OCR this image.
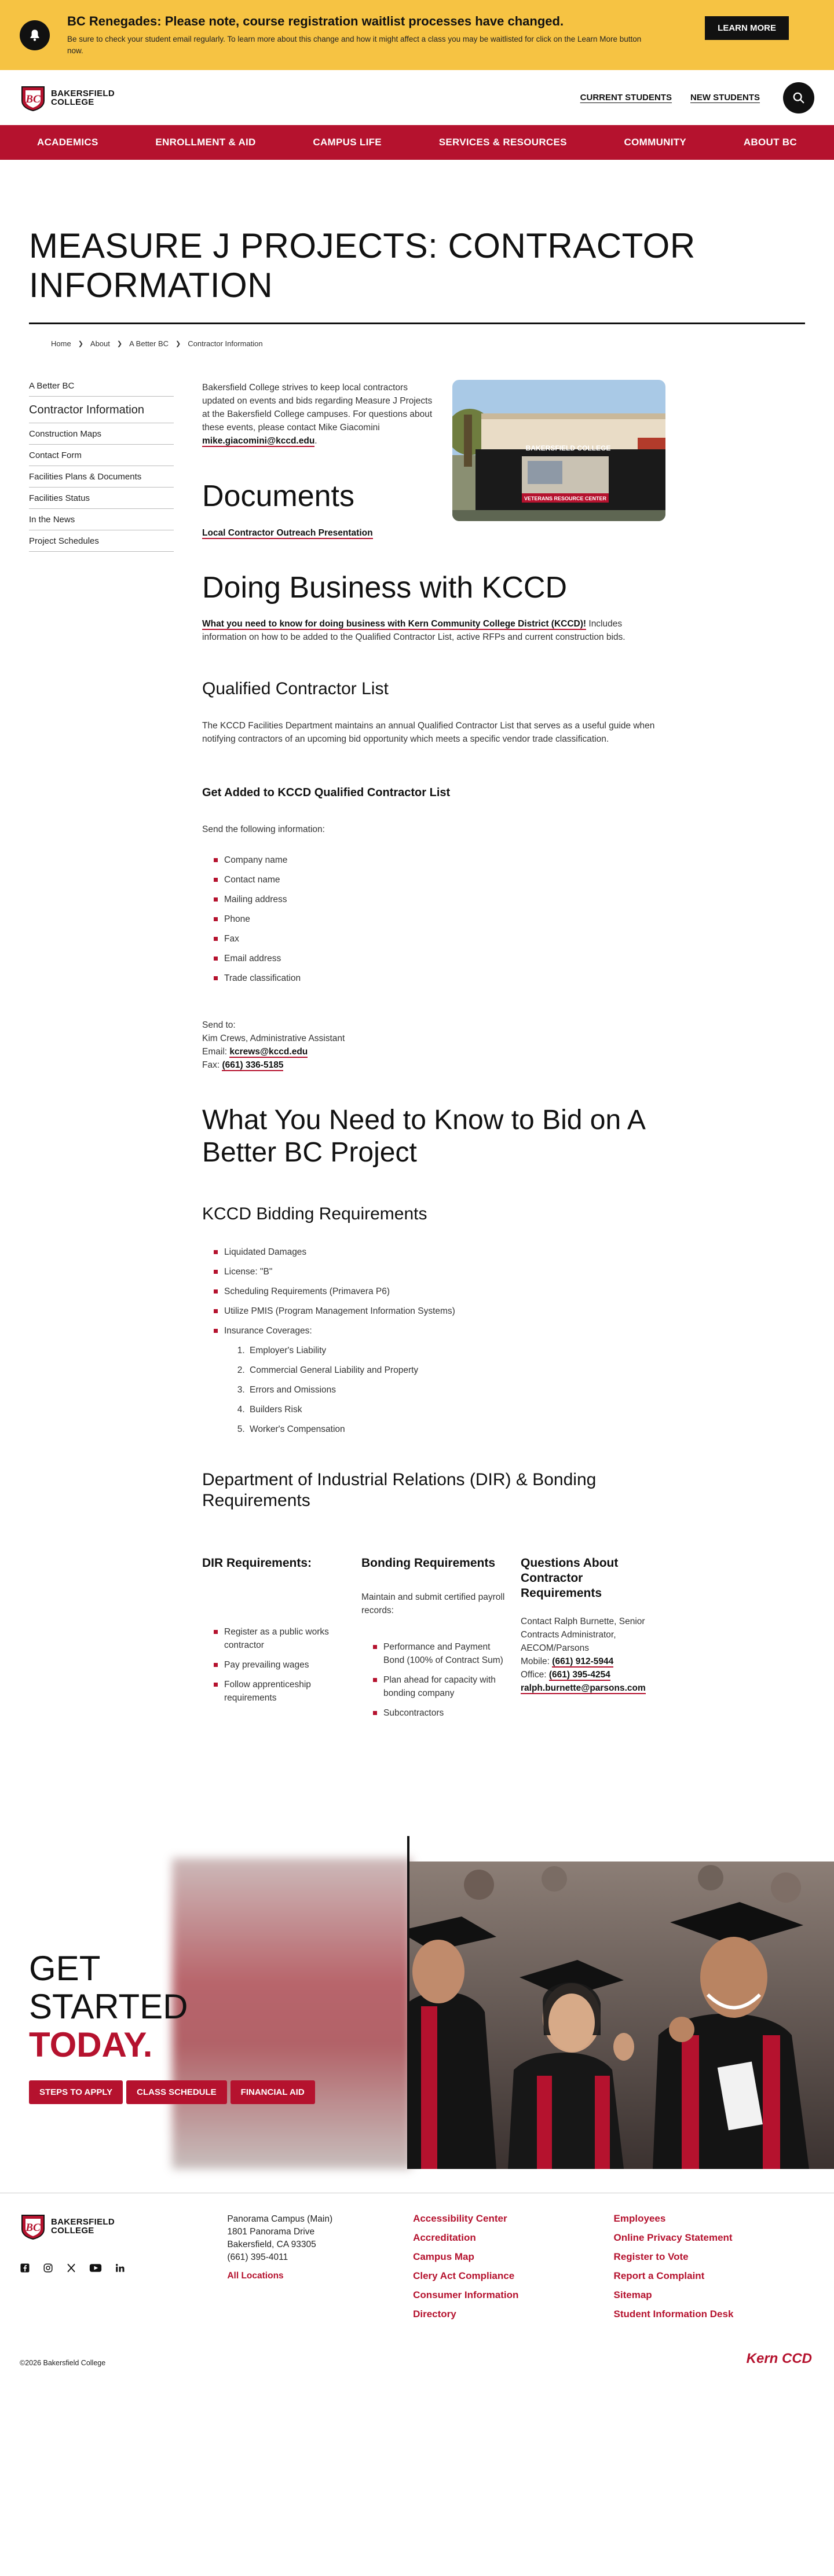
BC Renegades: Please note, course registration waitlist processes have changed.
Be sure to check your student email regularly. To learn more about this change and how it might affect a class you may be waitlisted for click on the Learn More button now.
LEARN MORE
BC BAKERSFIELD
COLLEGE	CURRENT STUDENTS NEW STUDENTS
ACADEMICS	ENROLLMENT & AID	CAMPUS LIFE	SERVICES & RESOURCES	COMMUNITY	ABOUT BC
MEASURE J PROJECTS: CONTRACTOR INFORMATION
Home ❯ About ❯ A Better BC ❯ Contractor Information
A Better BC
Contractor Information
Construction Maps
Contact Form
Facilities Plans & Documents
Facilities Status
In the News
Project Schedules

Bakersfield College strives to keep local contractors updated on events and bids regarding Measure J Projects at the Bakersfield College campuses. For questions about these events, please contact Mike Giacomini mike.giacomini@kccd.edu.

BAKERSFIELD COLLEGE
VETERANS RESOURCE CENTER
Documents

Local Contractor Outreach Presentation

Doing Business with KCCD

What you need to know for doing business with Kern Community College District (KCCD)! Includes information on how to be added to the Qualified Contractor List, active RFPs and current construction bids.

Qualified Contractor List

The KCCD Facilities Department maintains an annual Qualified Contractor List that serves as a useful guide when notifying contractors of an upcoming bid opportunity which meets a specific vendor trade classification.

Get Added to KCCD Qualified Contractor List

Send the following information:

Company name
Contact name
Mailing address
Phone
Fax
Email address
Trade classification
Send to:
Kim Crews, Administrative Assistant
Email: kcrews@kccd.edu
Fax: (661) 336-5185
What You Need to Know to Bid on A Better BC Project
KCCD Bidding Requirements
Liquidated Damages
License: "B"
Scheduling Requirements (Primavera P6)
Utilize PMIS (Program Management Information Systems)
Insurance Coverages:
1. Employer's Liability
2. Commercial General Liability and Property
3. Errors and Omissions
4. Builders Risk
5. Worker's Compensation
Department of Industrial Relations (DIR) & Bonding Requirements
DIR Requirements:
Register as a public works contractor
Pay prevailing wages
Follow apprenticeship requirements
Bonding Requirements

Maintain and submit certified payroll records:

Performance and Payment Bond (100% of Contract Sum)
Plan ahead for capacity with bonding company
Subcontractors
Questions About Contractor Requirements

Contact Ralph Burnette, Senior Contracts Administrator, AECOM/Parsons

Mobile: (661) 912-5944

Office: (661) 395-4254

ralph.burnette@parsons.com

GET
STARTED
TODAY.
STEPS TO APPLY	CLASS SCHEDULE	FINANCIAL AID
BC BAKERSFIELD
COLLEGE
Panorama Campus (Main)
1801 Panorama Drive
Bakersfield, CA 93305
(661) 395-4011
All Locations
Accessibility Center
Accreditation
Campus Map
Clery Act Compliance
Consumer Information
Directory
Employees
Online Privacy Statement
Register to Vote
Report a Complaint
Sitemap
Student Information Desk
©2026 Bakersfield College	Kern CCD
